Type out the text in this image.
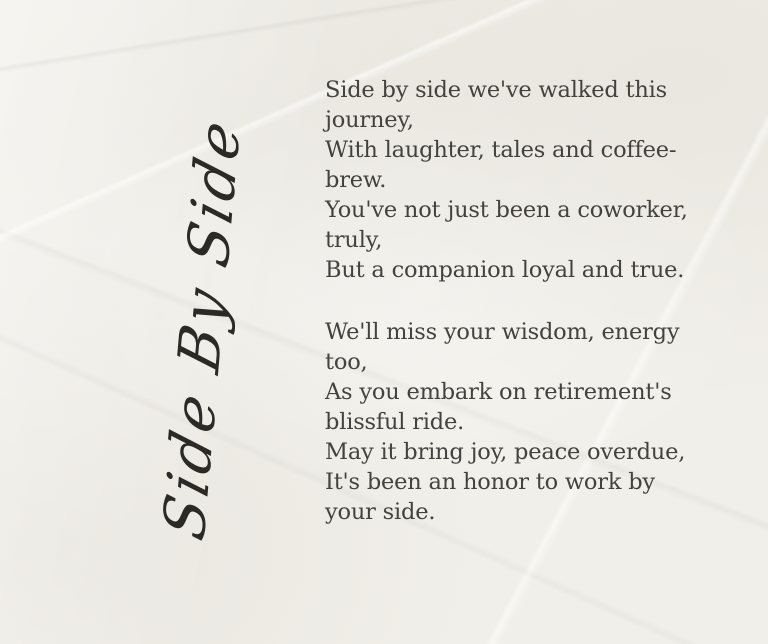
Side By Side
Side by side we've walked this
journey,
With laughter, tales and coffee-
brew.
You've not just been a coworker,
truly,
But a companion loyal and true.
We'll miss your wisdom, energy
too,
As you embark on retirement's
blissful ride.
May it bring joy, peace overdue,
It's been an honor to work by
your side.
